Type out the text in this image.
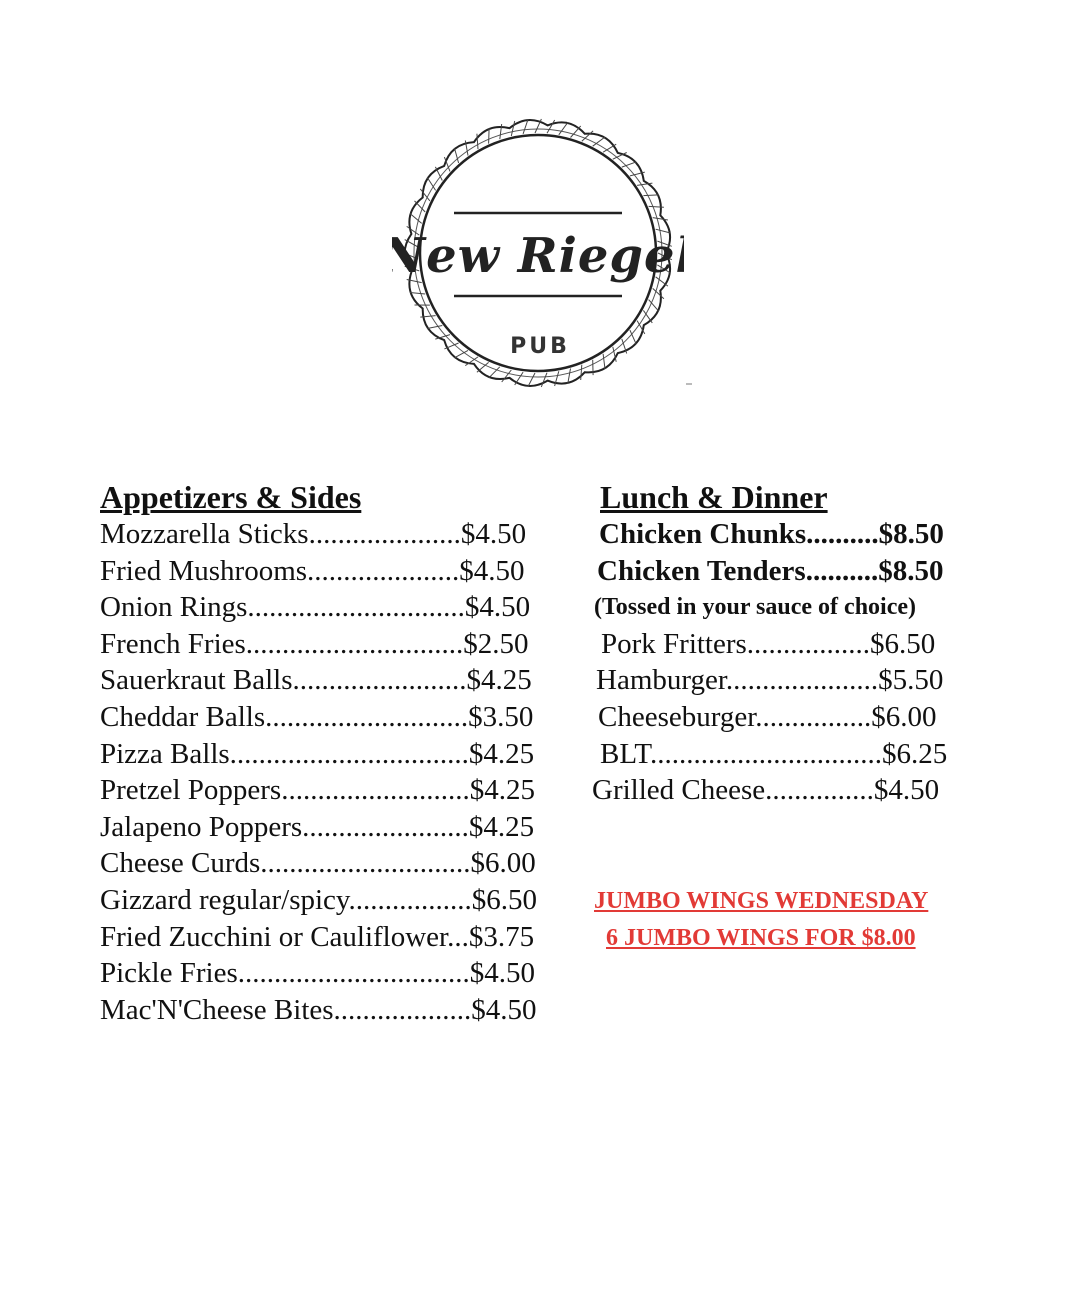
New Riegel
PUB
Appetizers & Sides
Mozzarella Sticks.....................$4.50
Fried Mushrooms.....................$4.50
Onion Rings..............................$4.50
French Fries..............................$2.50
Sauerkraut Balls........................$4.25
Cheddar Balls............................$3.50
Pizza Balls.................................$4.25
Pretzel Poppers..........................$4.25
Jalapeno Poppers.......................$4.25
Cheese Curds.............................$6.00
Gizzard regular/spicy.................$6.50
Fried Zucchini or Cauliflower...$3.75
Pickle Fries................................$4.50
Mac'N'Cheese Bites...................$4.50
Lunch & Dinner
Chicken Chunks..........$8.50
Chicken Tenders..........$8.50
(Tossed in your sauce of choice)
Pork Fritters.................$6.50
Hamburger.....................$5.50
Cheeseburger................$6.00
BLT................................$6.25
Grilled Cheese...............$4.50
JUMBO WINGS WEDNESDAY
6 JUMBO WINGS FOR $8.00
